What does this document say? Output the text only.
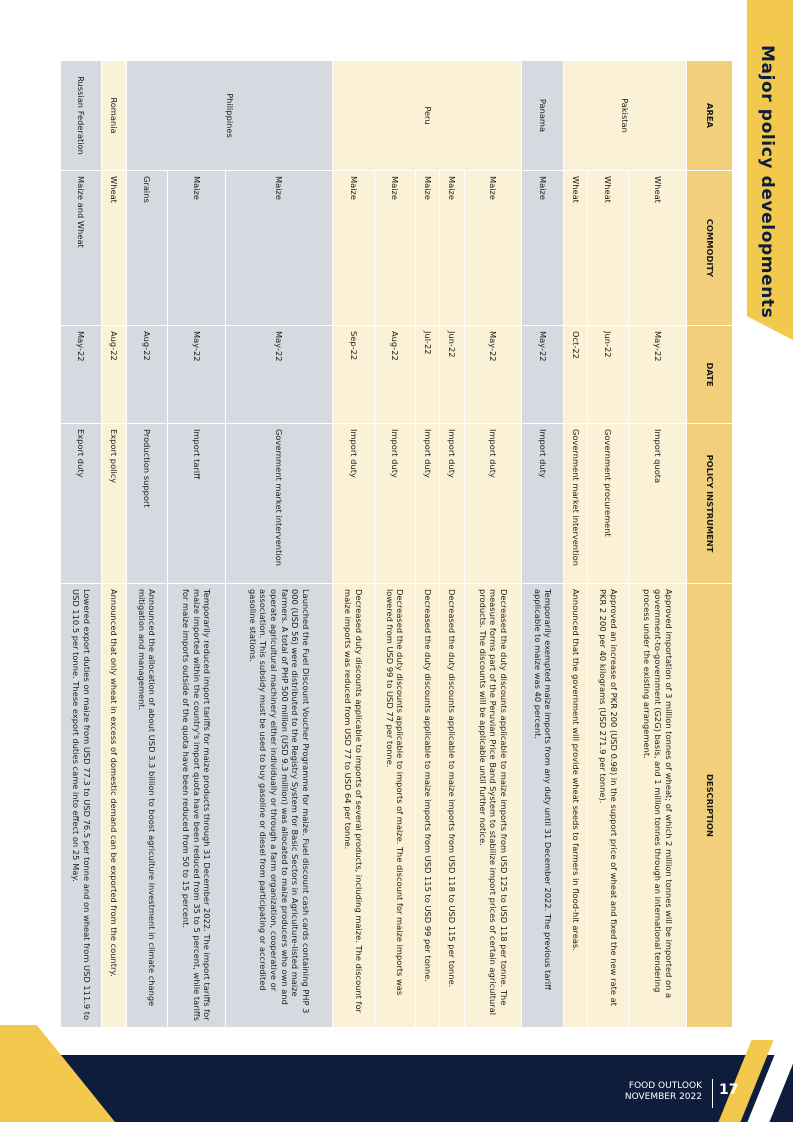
Major policy developments
AREA	COMMODITY	DATE	POLICY INSTRUMENT	DESCRIPTION
Pakistan	Wheat	May-22	Import quota	Approved importation of 3 million tonnes of wheat; of which 2 million tonnes will be imported on a government-to-government (G2G) basis, and 1 million tonnes through an international tendering process under the existing arrangement.
	Wheat	Jun-22	Government procurement	Approved an increase of PKR 200 (USD 0.98) in the support price of wheat and fixed the new rate at PKR 2 200 per 40 kilograms (USD 271.9 per tonne).
	Wheat	Oct-22	Government market intervention	Announced that the government will provide wheat seeds to farmers in flood-hit areas.
Panama	Maize	May-22	Import duty	Temporarily exempted maize imports from any duty until 31 December 2022. The previous tariff applicable to maize was 40 percent.
Peru	Maize	May-22	Import duty	Decreased the duty discounts applicable to maize imports from USD 125 to USD 118 per tonne. The measure forms part of the Peruvian Price Band System to stabilize import prices of certain agricultural products. The discounts will be applicable until further notice.
	Maize	Jun-22	Import duty	Decreased the duty discounts applicable to maize imports from USD 118 to USD 115 per tonne.
	Maize	Jul-22	Import duty	Decreased the duty discounts applicable to maize imports from USD 115 to USD 99 per tonne.
	Maize	Aug-22	Import duty	Decreased the duty discounts applicable to imports of maize. The discount for maize imports was lowered from USD 99 to USD 77 per tonne.
	Maize	Sep-22	Import duty	Decreased duty discounts applicable to imports of several products, including maize. The discount for maize imports was reduced from USD 77 to USD 64 per tonne.
Philippines	Maize	May-22	Government market intervention	Launched the Fuel Discount Voucher Programme for maize. Fuel discount cash cards containing PHP 3 000 (USD 56) were distributed to the Registry System for Basic Sectors in Agriculture-listed maize farmers. A total of PHP 500 million (USD 9.3 million) was allocated to maize producers who own and operate agricultural machinery either individually or through a farm organization, cooperative or association. This subsidy must be used to buy gasoline or diesel from participating or accredited gasoline stations.
	Maize	May-22	Import tariff	Temporarily reduced import tariffs for maize products through 31 December 2022. The import tariffs for maize imported within the country's import quota have been reduced from 35 to 5 percent, while tariffs for maize imports outside of the quota have been reduced from 50 to 15 percent.
	Grains	Aug-22	Production support	Announced the allocation of about USD 3.3 billion to boost agriculture investment in climate change mitigation and management.
Romania	Wheat	Aug-22	Export policy	Announced that only wheat in excess of domestic demand can be exported from the country.
Russian Federation	Maize and Wheat	May-22	Export duty	Lowered export duties on maize from USD 77.3 to USD 76.5 per tonne and on wheat from USD 111.9 to USD 110.5 per tonne. These export duties came into effect on 25 May.
FOOD OUTLOOK
NOVEMBER 2022 17
